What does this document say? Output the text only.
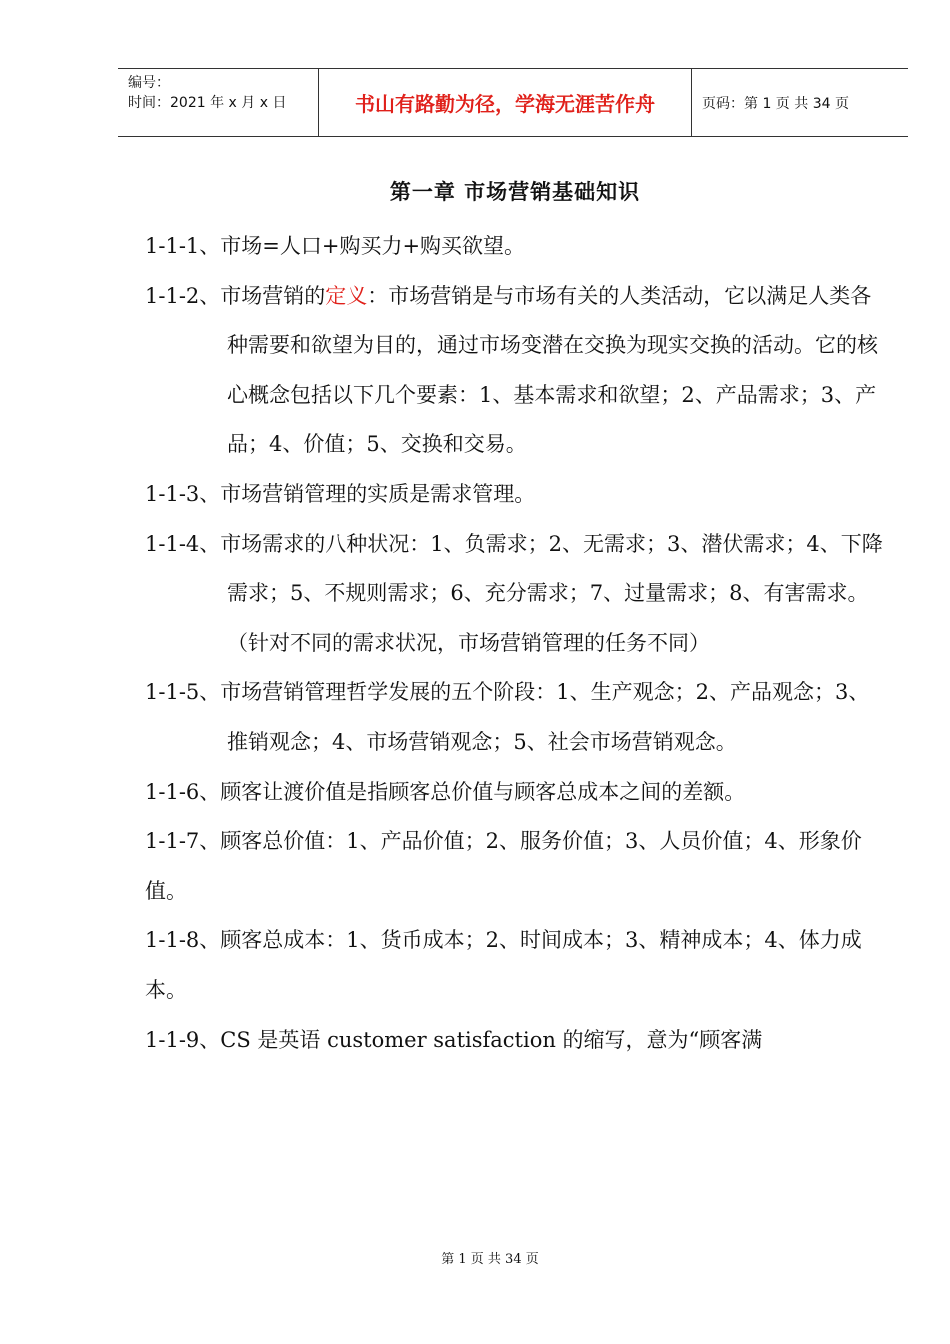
编号：
时间：2021 年 x 月 x 日	书山有路勤为径，学海无涯苦作舟	页码：第 1 页 共 34 页
第一章 市场营销基础知识

1-1-1、市场=人口+购买力+购买欲望。

1-1-2、市场营销的定义：市场营销是与市场有关的人类活动，它以满足人类各种需要和欲望为目的，通过市场变潜在交换为现实交换的活动。它的核心概念包括以下几个要素：1、基本需求和欲望；2、产品需求；3、产品；4、价值；5、交换和交易。

1-1-3、市场营销管理的实质是需求管理。

1-1-4、市场需求的八种状况：1、负需求；2、无需求；3、潜伏需求；4、下降需求；5、不规则需求；6、充分需求；7、过量需求；8、有害需求。（针对不同的需求状况，市场营销管理的任务不同）

1-1-5、市场营销管理哲学发展的五个阶段：1、生产观念；2、产品观念；3、推销观念；4、市场营销观念；5、社会市场营销观念。

1-1-6、顾客让渡价值是指顾客总价值与顾客总成本之间的差额。

1-1-7、顾客总价值：1、产品价值；2、服务价值；3、人员价值；4、形象价值。

1-1-8、顾客总成本：1、货币成本；2、时间成本；3、精神成本；4、体力成本。

1-1-9、CS 是英语 customer satisfaction 的缩写，意为“顾客满

第 1 页 共 34 页
